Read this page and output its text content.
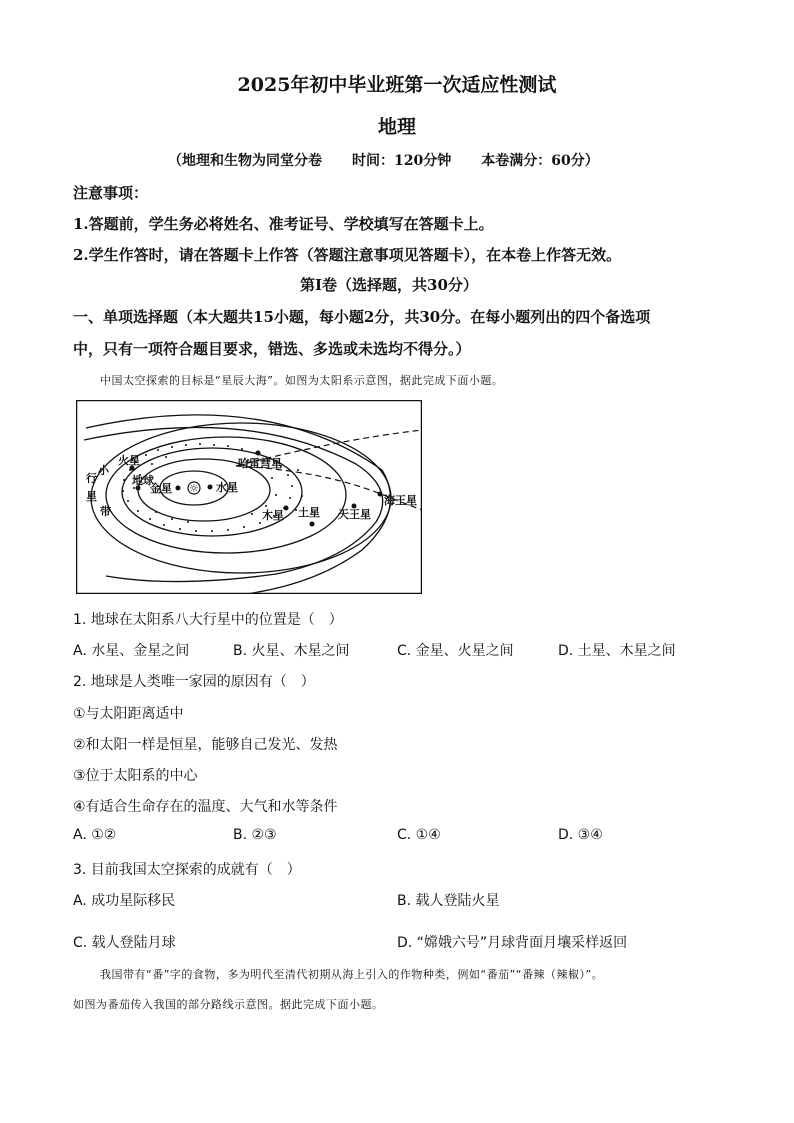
2025年初中毕业班第一次适应性测试
地理
（地理和生物为同堂分卷 时间：120分钟 本卷满分：60分）
注意事项：
1.答题前，学生务必将姓名、准考证号、学校填写在答题卡上。
2.学生作答时，请在答题卡上作答（答题注意事项见答题卡），在本卷上作答无效。
第Ⅰ卷（选择题，共30分）
一、单项选择题（本大题共15小题，每小题2分，共30分。在每小题列出的四个备选项
中，只有一项符合题目要求，错选、多选或未选均不得分。）
中国太空探索的目标是“星辰大海”。如图为太阳系示意图，据此完成下面小题。
☼ 水星
金星
地球
火星	哈雷彗星
木星 土星 天王星
海王星
小
行
星
带
1. 地球在太阳系八大行星中的位置是（　）
A. 水星、金星之间	B. 火星、木星之间	C. 金星、火星之间	D. 土星、木星之间
2. 地球是人类唯一家园的原因有（　）
①与太阳距离适中
②和太阳一样是恒星，能够自己发光、发热
③位于太阳系的中心
④有适合生命存在的温度、大气和水等条件
A. ①②	B. ②③	C. ①④	D. ③④
3. 目前我国太空探索的成就有（　）
A. 成功星际移民	B. 载人登陆火星
C. 载人登陆月球	D. “嫦娥六号”月球背面月壤采样返回
我国带有“番”字的食物，多为明代至清代初期从海上引入的作物种类，例如“番茄”“番辣（辣椒）”。
如图为番茄传入我国的部分路线示意图。据此完成下面小题。
